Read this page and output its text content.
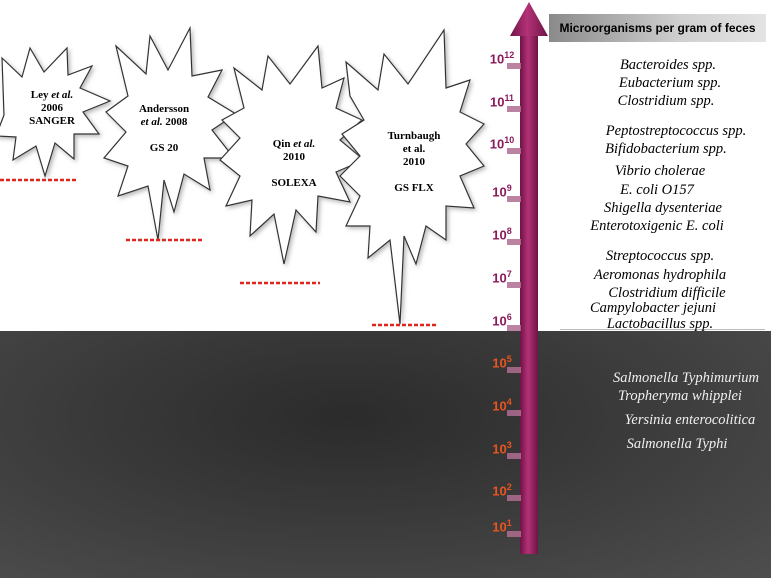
Microorganisms per gram of feces
Ley et al.
2006
SANGER
Andersson
et al. 2008

GS 20	Qin et al.
2010

SOLEXA
Turnbaugh
et al.
2010

GS FLX
$10^{12}$
$10^{11}$
$10^{10}$
$10^9$
$10^8$
$10^7$
$10^6$
$10^5$
$10^4$
$10^3$
$10^2$
$10^1$
Bacteroides spp.
Eubacterium spp.
Clostridium spp.
Peptostreptococcus spp.
Bifidobacterium spp.
Vibrio cholerae
E. coli O157
Shigella dysenteriae
Enterotoxigenic E. coli
Streptococcus spp.
Aeromonas hydrophila
Clostridium difficile
Campylobacter jejuni
Lactobacillus spp.
Salmonella Typhimurium
Tropheryma whipplei
Yersinia enterocolitica
Salmonella Typhi
